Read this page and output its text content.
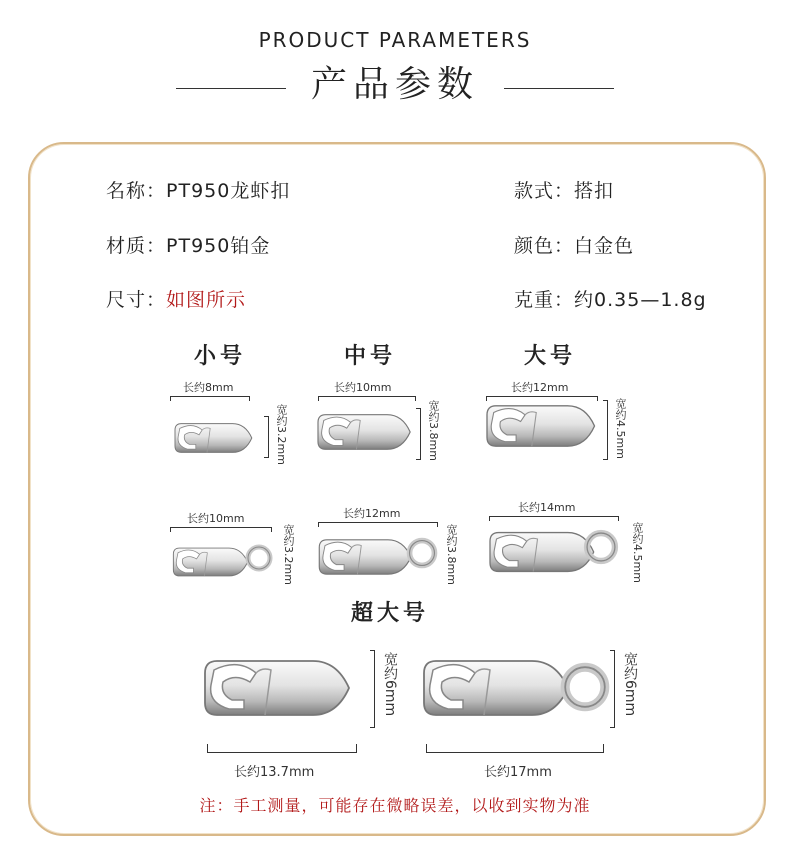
PRODUCT PARAMETERS
产品参数
名称：PT950龙虾扣	款式：搭扣
材质：PT950铂金	颜色：白金色
尺寸：如图所示	克重：约0.35—1.8g
小号	中号	大号
超大号
长约8mm
宽约3.2mm
长约10mm
宽约3.8mm
长约12mm
宽约4.5mm
长约10mm
宽约3.2mm
长约12mm
宽约3.8mm
长约14mm
宽约4.5mm
宽约6mm
长约13.7mm
宽约6mm
长约17mm
注：手工测量，可能存在微略误差，以收到实物为准
